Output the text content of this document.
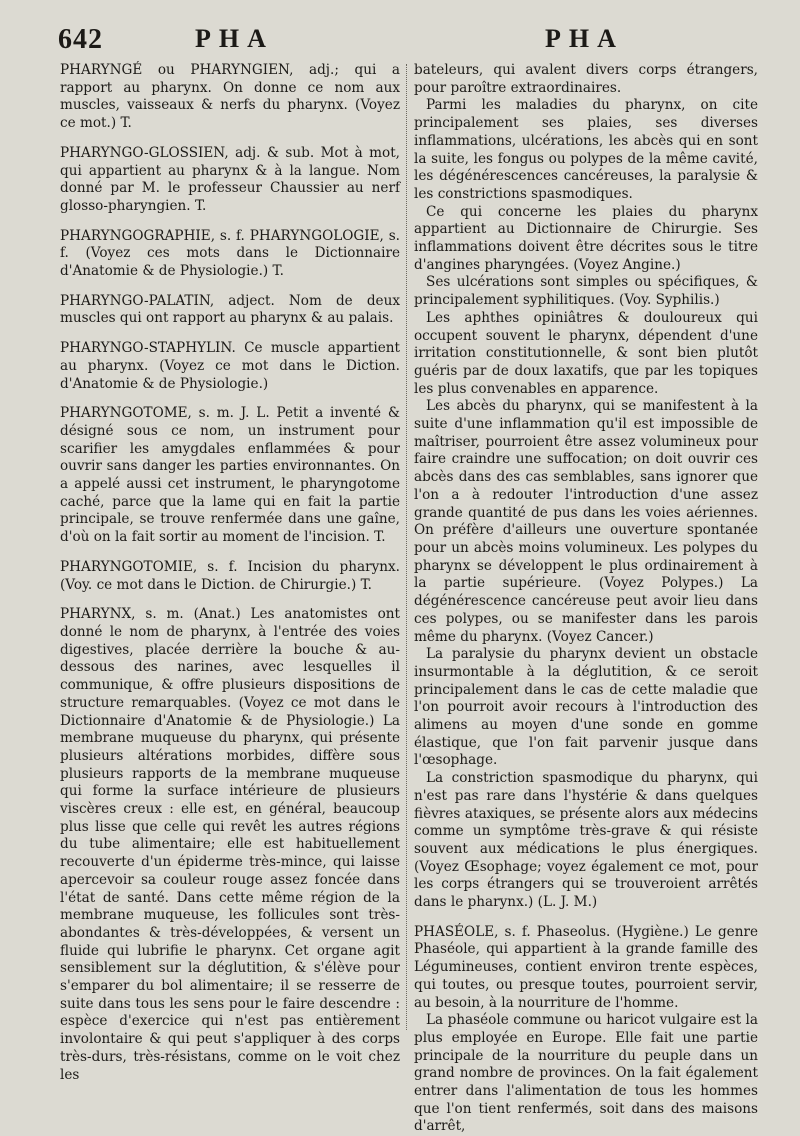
642	PHA	PHA

PHARYNGÉ ou PHARYNGIEN, adj.; qui a rapport au pharynx. On donne ce nom aux muscles, vaisseaux & nerfs du pharynx. (Voyez ce mot.) T.

PHARYNGO-GLOSSIEN, adj. & sub. Mot à mot, qui appartient au pharynx & à la langue. Nom donné par M. le professeur Chaussier au nerf glosso-pharyngien. T.

PHARYNGOGRAPHIE, s. f. PHARYNGOLOGIE, s. f. (Voyez ces mots dans le Dictionnaire d'Anatomie & de Physiologie.) T.

PHARYNGO-PALATIN, adject. Nom de deux muscles qui ont rapport au pharynx & au palais.

PHARYNGO-STAPHYLIN. Ce muscle appartient au pharynx. (Voyez ce mot dans le Diction. d'Anatomie & de Physiologie.)

PHARYNGOTOME, s. m. J. L. Petit a inventé & désigné sous ce nom, un instrument pour scarifier les amygdales enflammées & pour ouvrir sans danger les parties environnantes. On a appelé aussi cet instrument, le pharyngotome caché, parce que la lame qui en fait la partie principale, se trouve renfermée dans une gaîne, d'où on la fait sortir au moment de l'incision. T.

PHARYNGOTOMIE, s. f. Incision du pharynx. (Voy. ce mot dans le Diction. de Chirurgie.) T.

PHARYNX, s. m. (Anat.) Les anatomistes ont donné le nom de pharynx, à l'entrée des voies digestives, placée derrière la bouche & au-dessous des narines, avec lesquelles il communique, & offre plusieurs dispositions de structure remarquables. (Voyez ce mot dans le Dictionnaire d'Anatomie & de Physiologie.) La membrane muqueuse du pharynx, qui présente plusieurs altérations morbides, diffère sous plusieurs rapports de la membrane muqueuse qui forme la surface intérieure de plusieurs viscères creux : elle est, en général, beaucoup plus lisse que celle qui revêt les autres régions du tube alimentaire; elle est habituellement recouverte d'un épiderme très-mince, qui laisse apercevoir sa couleur rouge assez foncée dans l'état de santé. Dans cette même région de la membrane muqueuse, les follicules sont très-abondantes & très-développées, & versent un fluide qui lubrifie le pharynx. Cet organe agit sensiblement sur la déglutition, & s'élève pour s'emparer du bol alimentaire; il se resserre de suite dans tous les sens pour le faire descendre : espèce d'exercice qui n'est pas entièrement involontaire & qui peut s'appliquer à des corps très-durs, très-résistans, comme on le voit chez les

bateleurs, qui avalent divers corps étrangers, pour paroître extraordinaires.

Parmi les maladies du pharynx, on cite principalement ses plaies, ses diverses inflammations, ulcérations, les abcès qui en sont la suite, les fongus ou polypes de la même cavité, les dégénérescences cancéreuses, la paralysie & les constrictions spasmodiques.

Ce qui concerne les plaies du pharynx appartient au Dictionnaire de Chirurgie. Ses inflammations doivent être décrites sous le titre d'angines pharyngées. (Voyez Angine.)

Ses ulcérations sont simples ou spécifiques, & principalement syphilitiques. (Voy. Syphilis.)

Les aphthes opiniâtres & douloureux qui occupent souvent le pharynx, dépendent d'une irritation constitutionnelle, & sont bien plutôt guéris par de doux laxatifs, que par les topiques les plus convenables en apparence.

Les abcès du pharynx, qui se manifestent à la suite d'une inflammation qu'il est impossible de maîtriser, pourroient être assez volumineux pour faire craindre une suffocation; on doit ouvrir ces abcès dans des cas semblables, sans ignorer que l'on a à redouter l'introduction d'une assez grande quantité de pus dans les voies aériennes. On préfère d'ailleurs une ouverture spontanée pour un abcès moins volumineux. Les polypes du pharynx se développent le plus ordinairement à la partie supérieure. (Voyez Polypes.) La dégénérescence cancéreuse peut avoir lieu dans ces polypes, ou se manifester dans les parois même du pharynx. (Voyez Cancer.)

La paralysie du pharynx devient un obstacle insurmontable à la déglutition, & ce seroit principalement dans le cas de cette maladie que l'on pourroit avoir recours à l'introduction des alimens au moyen d'une sonde en gomme élastique, que l'on fait parvenir jusque dans l'œsophage.

La constriction spasmodique du pharynx, qui n'est pas rare dans l'hystérie & dans quelques fièvres ataxiques, se présente alors aux médecins comme un symptôme très-grave & qui résiste souvent aux médications le plus énergiques. (Voyez Œsophage; voyez également ce mot, pour les corps étrangers qui se trouveroient arrêtés dans le pharynx.) (L. J. M.)

PHASÉOLE, s. f. Phaseolus. (Hygiène.) Le genre Phaséole, qui appartient à la grande famille des Légumineuses, contient environ trente espèces, qui toutes, ou presque toutes, pourroient servir, au besoin, à la nourriture de l'homme.

La phaséole commune ou haricot vulgaire est la plus employée en Europe. Elle fait une partie principale de la nourriture du peuple dans un grand nombre de provinces. On la fait également entrer dans l'alimentation de tous les hommes que l'on tient renfermés, soit dans des maisons d'arrêt,
